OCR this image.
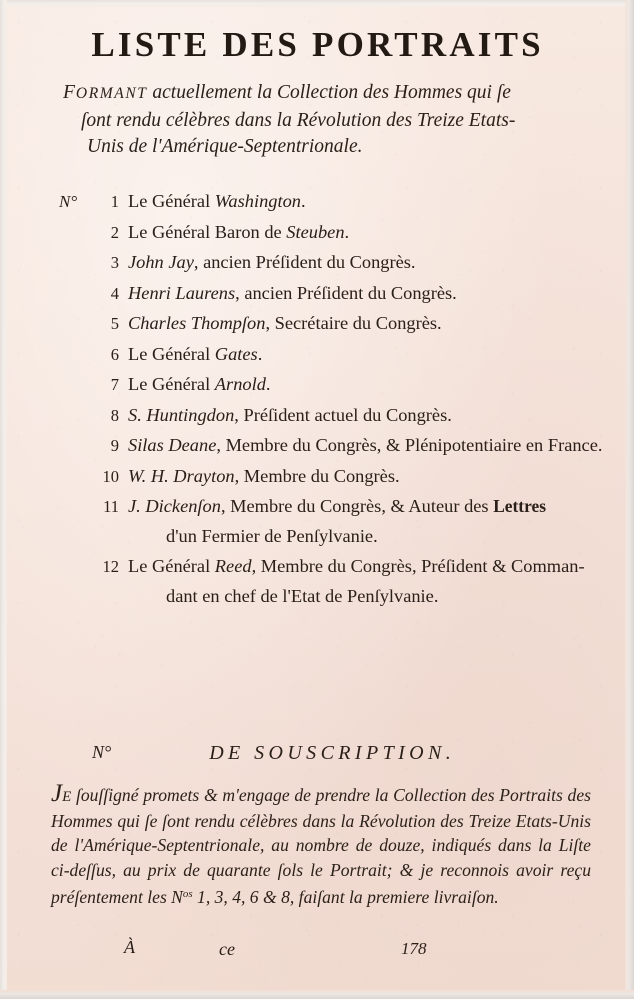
LISTE DES PORTRAITS
FORMANT actuellement la Collection des Hommes qui ſe
ſont rendu célèbres dans la Révolution des Treize Etats-
Unis de l'Amérique-Septentrionale.
N°	1 Le Général Washington.
2 Le Général Baron de Steuben.
3 John Jay, ancien Préſident du Congrès.
4 Henri Laurens, ancien Préſident du Congrès.
5 Charles Thompſon, Secrétaire du Congrès.
6 Le Général Gates.
7 Le Général Arnold.
8 S. Huntingdon, Préſident actuel du Congrès.
9 Silas Deane, Membre du Congrès, & Plénipotentiaire en France.
10 W. H. Drayton, Membre du Congrès.
11 J. Dickenſon, Membre du Congrès, & Auteur des Lettres
d'un Fermier de Penſylvanie.
12 Le Général Reed, Membre du Congrès, Préſident & Comman-
dant en chef de l'Etat de Penſylvanie.
N°	DE SOUSCRIPTION.
JE ſouſſigné promets & m'engage de prendre la Collection des Portraits des Hommes qui ſe ſont rendu célèbres dans la Révolution des Treize Etats-Unis de l'Amérique-Septentrionale, au nombre de douze, indiqués dans la Liſte ci-deſſus, au prix de quarante ſols le Portrait; & je reconnois avoir reçu préſentement les $N^{os}$ 1, 3, 4, 6 & 8, faiſant la premiere livraiſon.
À	ce	178
